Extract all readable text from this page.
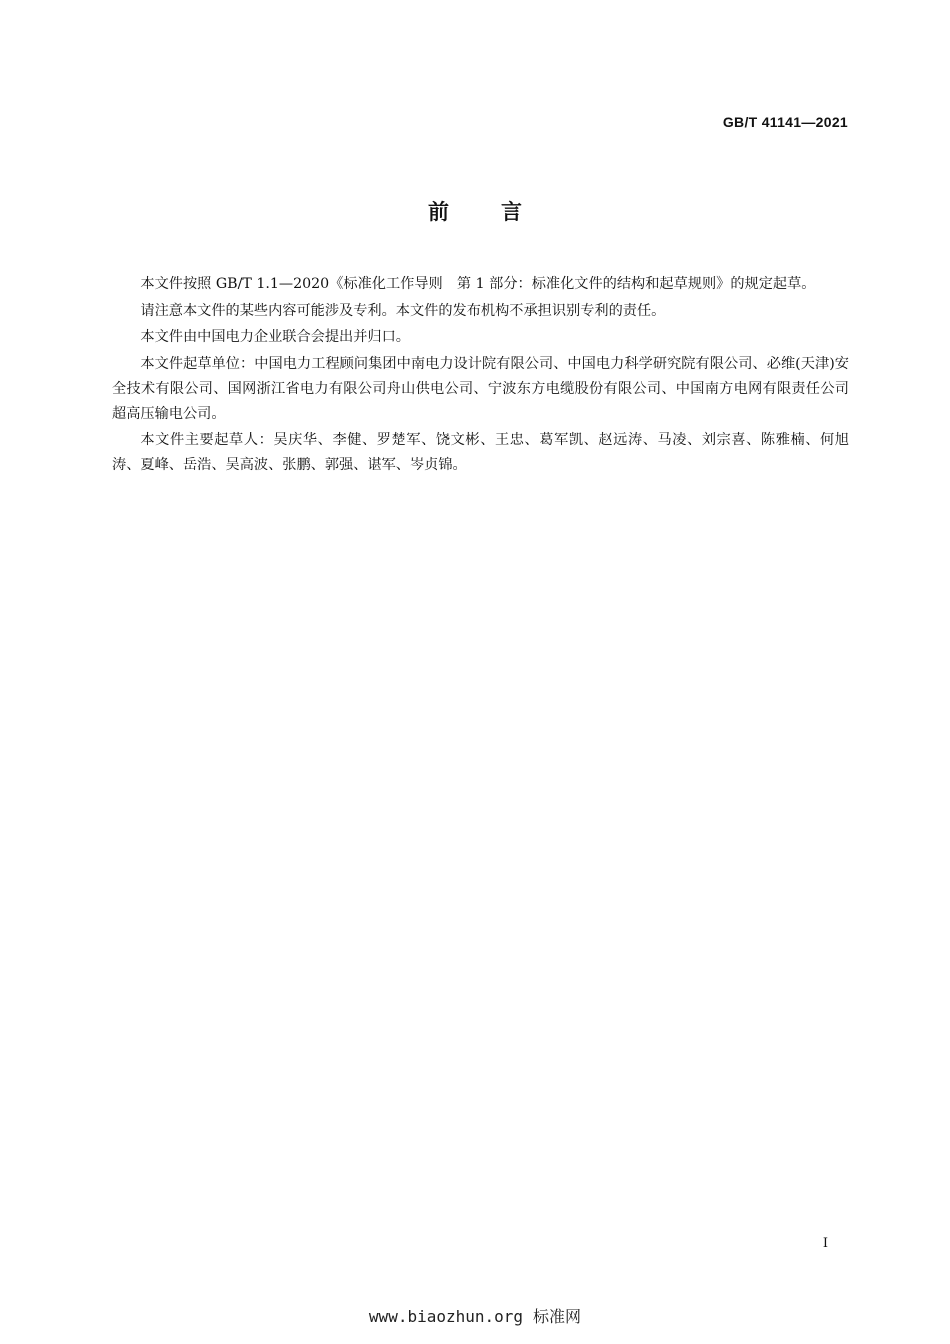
GB/T 41141—2021
前言

本文件按照 GB/T 1.1—2020《标准化工作导则　第 1 部分：标准化文件的结构和起草规则》的规定起草。

请注意本文件的某些内容可能涉及专利。本文件的发布机构不承担识别专利的责任。

本文件由中国电力企业联合会提出并归口。

本文件起草单位：中国电力工程顾问集团中南电力设计院有限公司、中国电力科学研究院有限公司、必维(天津)安全技术有限公司、国网浙江省电力有限公司舟山供电公司、宁波东方电缆股份有限公司、中国南方电网有限责任公司超高压输电公司。

本文件主要起草人：吴庆华、李健、罗楚军、饶文彬、王忠、葛军凯、赵远涛、马凌、刘宗喜、陈雅楠、何旭涛、夏峰、岳浩、吴高波、张鹏、郭强、谌军、岑贞锦。

I
www.biaozhun.org 标准网
